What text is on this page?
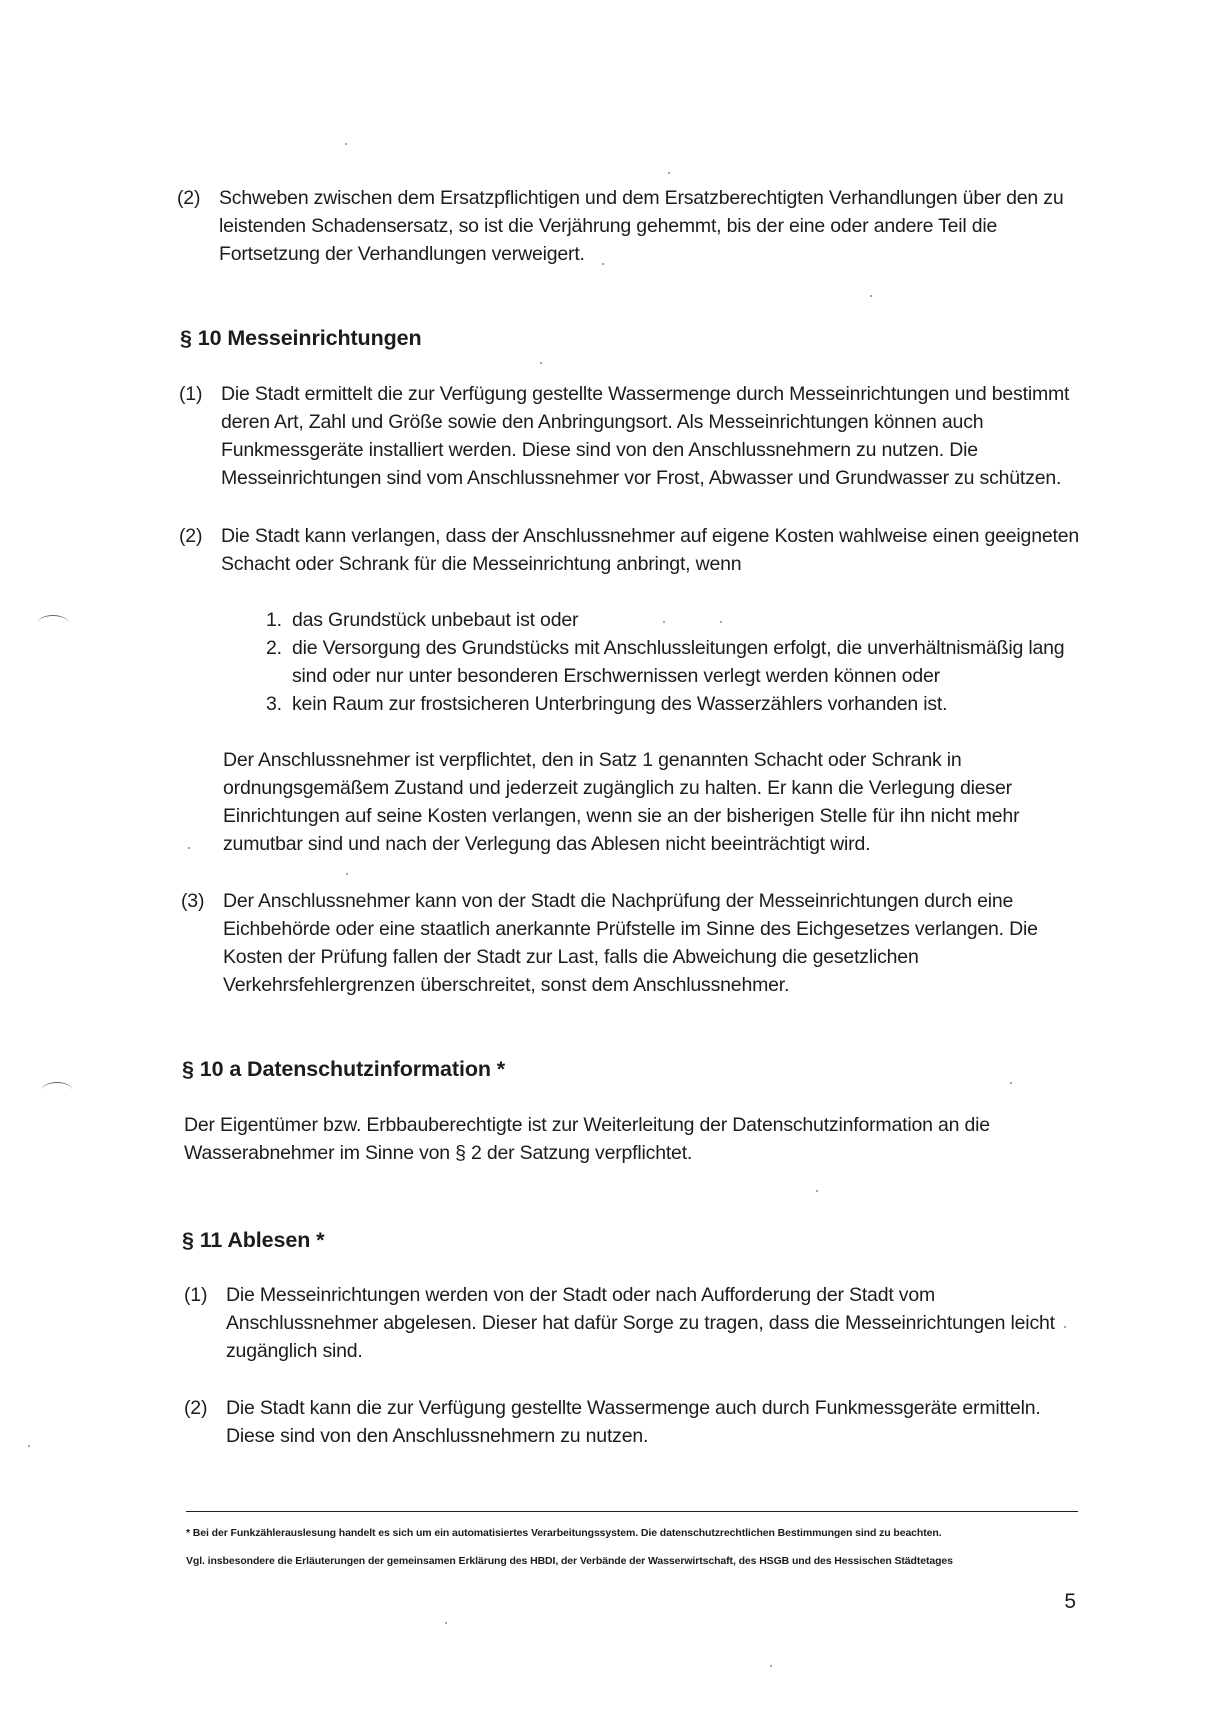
(2) Schweben zwischen dem Ersatzpflichtigen und dem Ersatzberechtigten Verhandlungen über den zu leistenden Schadensersatz, so ist die Verjährung gehemmt, bis der eine oder andere Teil die Fortsetzung der Verhandlungen verweigert.
§ 10 Messeinrichtungen
(1) Die Stadt ermittelt die zur Verfügung gestellte Wassermenge durch Messeinrichtungen und bestimmt deren Art, Zahl und Größe sowie den Anbringungsort. Als Messeinrichtungen können auch Funkmessgeräte installiert werden. Diese sind von den Anschlussnehmern zu nutzen. Die Messeinrichtungen sind vom Anschlussnehmer vor Frost, Abwasser und Grundwasser zu schützen.
(2) Die Stadt kann verlangen, dass der Anschlussnehmer auf eigene Kosten wahlweise einen geeigneten Schacht oder Schrank für die Messeinrichtung anbringt, wenn
1. das Grundstück unbebaut ist oder
2. die Versorgung des Grundstücks mit Anschlussleitungen erfolgt, die unverhältnismäßig lang sind oder nur unter besonderen Erschwernissen verlegt werden können oder
3. kein Raum zur frostsicheren Unterbringung des Wasserzählers vorhanden ist.
Der Anschlussnehmer ist verpflichtet, den in Satz 1 genannten Schacht oder Schrank in ordnungsgemäßem Zustand und jederzeit zugänglich zu halten. Er kann die Verlegung dieser Einrichtungen auf seine Kosten verlangen, wenn sie an der bisherigen Stelle für ihn nicht mehr zumutbar sind und nach der Verlegung das Ablesen nicht beeinträchtigt wird.
(3) Der Anschlussnehmer kann von der Stadt die Nachprüfung der Messeinrichtungen durch eine Eichbehörde oder eine staatlich anerkannte Prüfstelle im Sinne des Eichgesetzes verlangen. Die Kosten der Prüfung fallen der Stadt zur Last, falls die Abweichung die gesetzlichen Verkehrsfehlergrenzen überschreitet, sonst dem Anschlussnehmer.
§ 10 a Datenschutzinformation *
Der Eigentümer bzw. Erbbauberechtigte ist zur Weiterleitung der Datenschutzinformation an die Wasserabnehmer im Sinne von § 2 der Satzung verpflichtet.
§ 11 Ablesen *
(1) Die Messeinrichtungen werden von der Stadt oder nach Aufforderung der Stadt vom Anschlussnehmer abgelesen. Dieser hat dafür Sorge zu tragen, dass die Messeinrichtungen leicht zugänglich sind.
(2) Die Stadt kann die zur Verfügung gestellte Wassermenge auch durch Funkmessgeräte ermitteln. Diese sind von den Anschlussnehmern zu nutzen.
* Bei der Funkzählerauslesung handelt es sich um ein automatisiertes Verarbeitungssystem. Die datenschutzrechtlichen Bestimmungen sind zu beachten.
Vgl. insbesondere die Erläuterungen der gemeinsamen Erklärung des HBDI, der Verbände der Wasserwirtschaft, des HSGB und des Hessischen Städtetages
5
